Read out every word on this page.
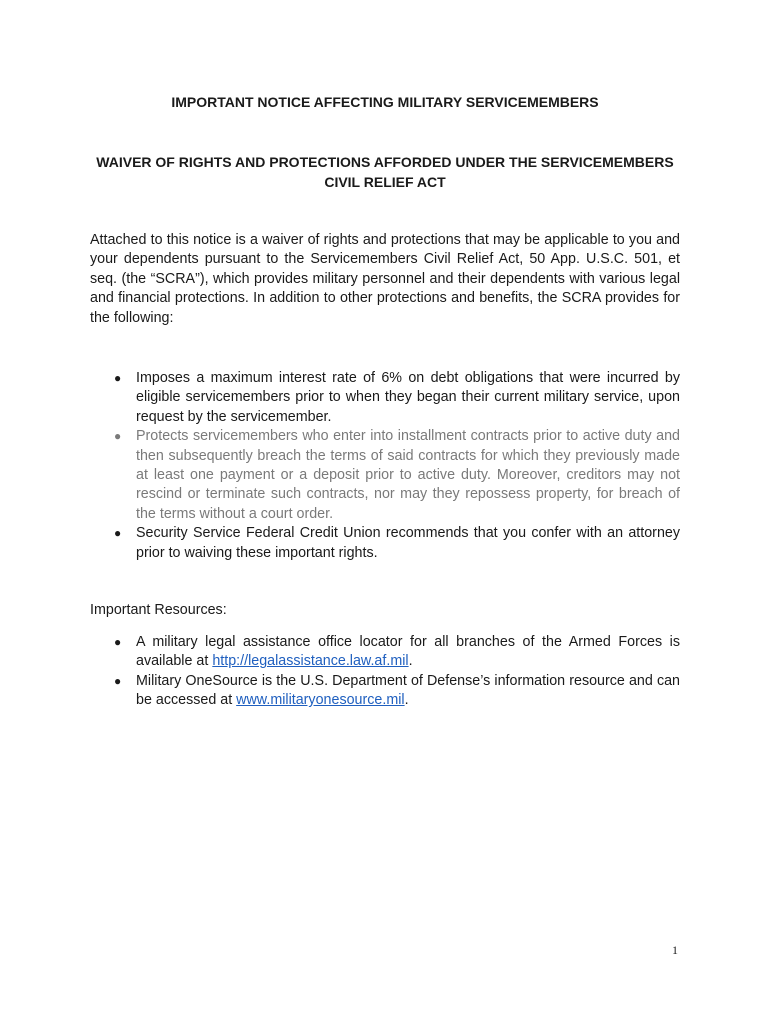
IMPORTANT NOTICE AFFECTING MILITARY SERVICEMEMBERS

WAIVER OF RIGHTS AND PROTECTIONS AFFORDED UNDER THE SERVICEMEMBERS CIVIL RELIEF ACT

Attached to this notice is a waiver of rights and protections that may be applicable to you and your dependents pursuant to the Servicemembers Civil Relief Act, 50 App. U.S.C. 501, et seq. (the “SCRA”), which provides military personnel and their dependents with various legal and financial protections. In addition to other protections and benefits, the SCRA provides for the following:

● Imposes a maximum interest rate of 6% on debt obligations that were incurred by eligible servicemembers prior to when they began their current military service, upon request by the servicemember.
● Protects servicemembers who enter into installment contracts prior to active duty and then subsequently breach the terms of said contracts for which they previously made at least one payment or a deposit prior to active duty. Moreover, creditors may not rescind or terminate such contracts, nor may they repossess property, for breach of the terms without a court order.
● Security Service Federal Credit Union recommends that you confer with an attorney prior to waiving these important rights.

Important Resources:

● A military legal assistance office locator for all branches of the Armed Forces is available at http://legalassistance.law.af.mil.
● Military OneSource is the U.S. Department of Defense’s information resource and can be accessed at www.militaryonesource.mil.
1
